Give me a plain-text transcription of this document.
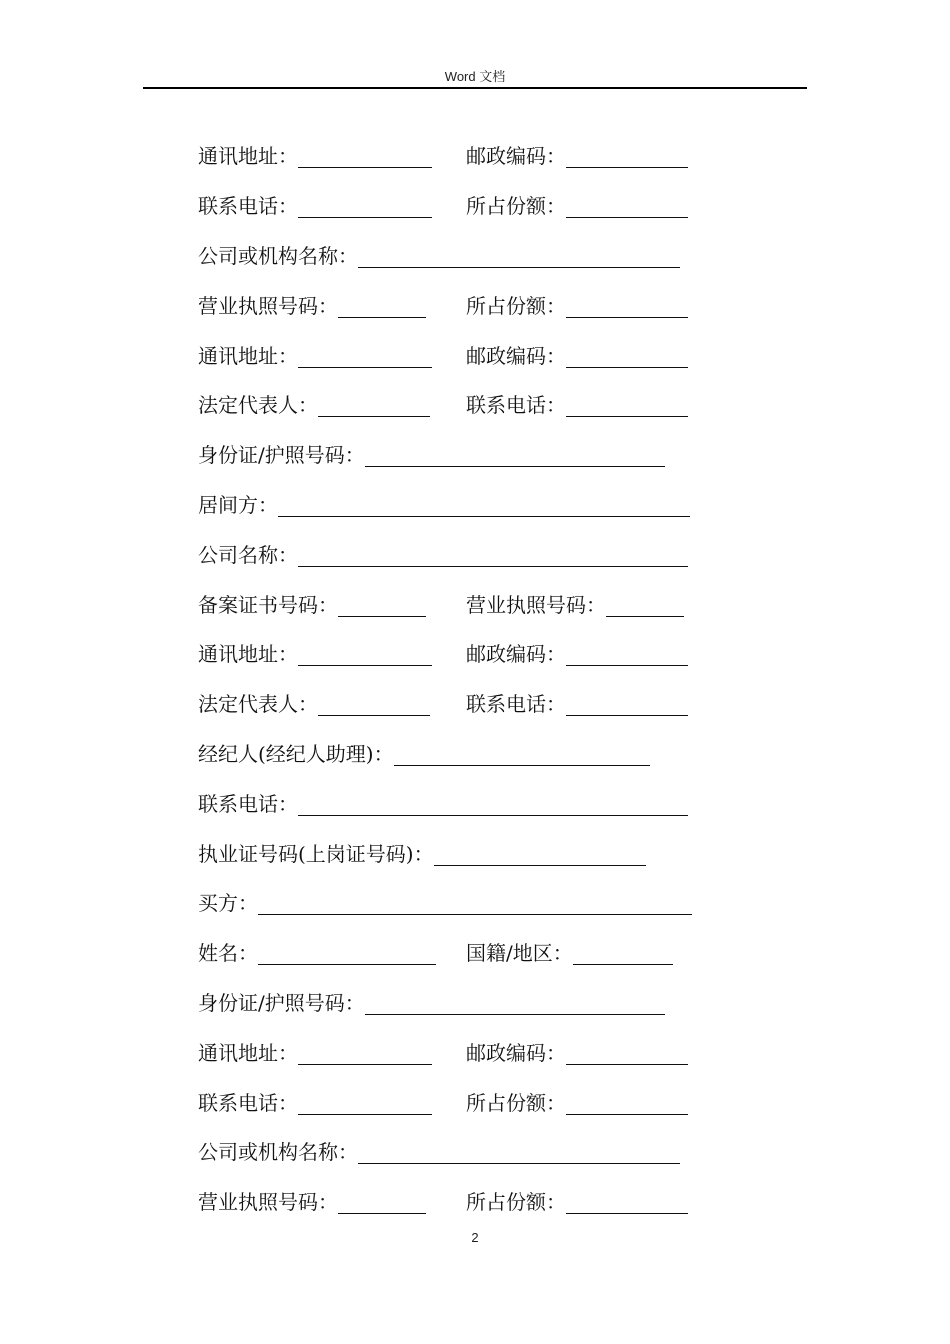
Word 文档
通讯地址：	邮政编码：
联系电话：	所占份额：
公司或机构名称：
营业执照号码：	所占份额：
通讯地址：	邮政编码：
法定代表人：	联系电话：
身份证/护照号码：
居间方：
公司名称：
备案证书号码：	营业执照号码：
通讯地址：	邮政编码：
法定代表人：	联系电话：
经纪人(经纪人助理)：
联系电话：
执业证号码(上岗证号码)：
买方：
姓名：	国籍/地区：
身份证/护照号码：
通讯地址：	邮政编码：
联系电话：	所占份额：
公司或机构名称：
营业执照号码：	所占份额：
2
